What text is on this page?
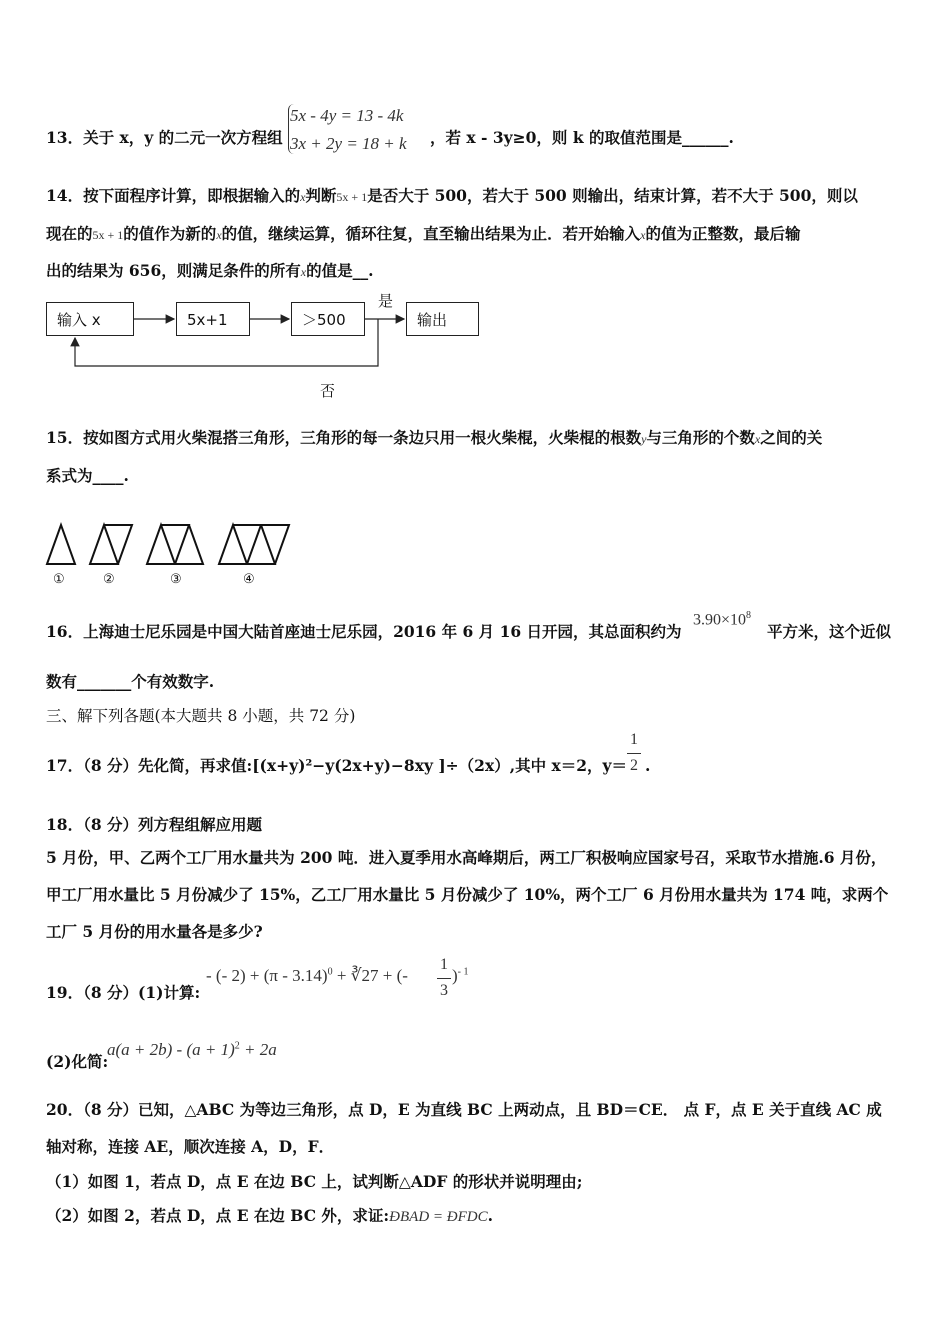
13．关于 x，y 的二元一次方程组
5x - 4y = 13 - 4k
3x + 2y = 18 + k ，若 x - 3y≥0，则 k 的取值范围是______.
14．按下面程序计算，即根据输入的x判断5x + 1是否大于 500，若大于 500 则输出，结束计算，若不大于 500，则以
现在的5x + 1的值作为新的x的值，继续运算，循环往复，直至输出结果为止．若开始输入x的值为正整数，最后输
出的结果为 656，则满足条件的所有x的值是__.
输入 x	5x+1	＞500	输出
是
否
15．按如图方式用火柴混搭三角形，三角形的每一条边只用一根火柴棍，火柴棍的根数y与三角形的个数x之间的关
系式为____.
①	②	③	④
16．上海迪士尼乐园是中国大陆首座迪士尼乐园，2016 年 6 月 16 日开园，其总面积约为
$3.90\times 10^8$
平方米，这个近似
数有_______个有效数字.
三、解下列各题(本大题共 8 小题，共 72 分)
17．（8 分）先化简，再求值:[(x+y)²−y(2x+y)−8xy ]÷（2x）,其中 x＝2，y＝
1
2 .
18．（8 分）列方程组解应用题
5 月份，甲、乙两个工厂用水量共为 200 吨．进入夏季用水高峰期后，两工厂积极响应国家号召，采取节水措施.6 月份，
甲工厂用水量比 5 月份减少了 15%，乙工厂用水量比 5 月份减少了 10%，两个工厂 6 月份用水量共为 174 吨，求两个
工厂 5 月份的用水量各是多少?
19．（8 分）(1)计算:
- (- 2) + (π - 3.14)$^0$ + ∛27 + (-
1
3
)$^{- 1}$
(2)化简:
$a(a + 2b) - (a + 1)^2 + 2a$
20．（8 分）已知，△ABC 为等边三角形，点 D，E 为直线 BC 上两动点，且 BD＝CE． 点 F，点 E 关于直线 AC 成
轴对称，连接 AE，顺次连接 A，D，F．
（1）如图 1，若点 D，点 E 在边 BC 上，试判断△ADF 的形状并说明理由;
（2）如图 2，若点 D，点 E 在边 BC 外，求证:ÐBAD = ÐFDC.
